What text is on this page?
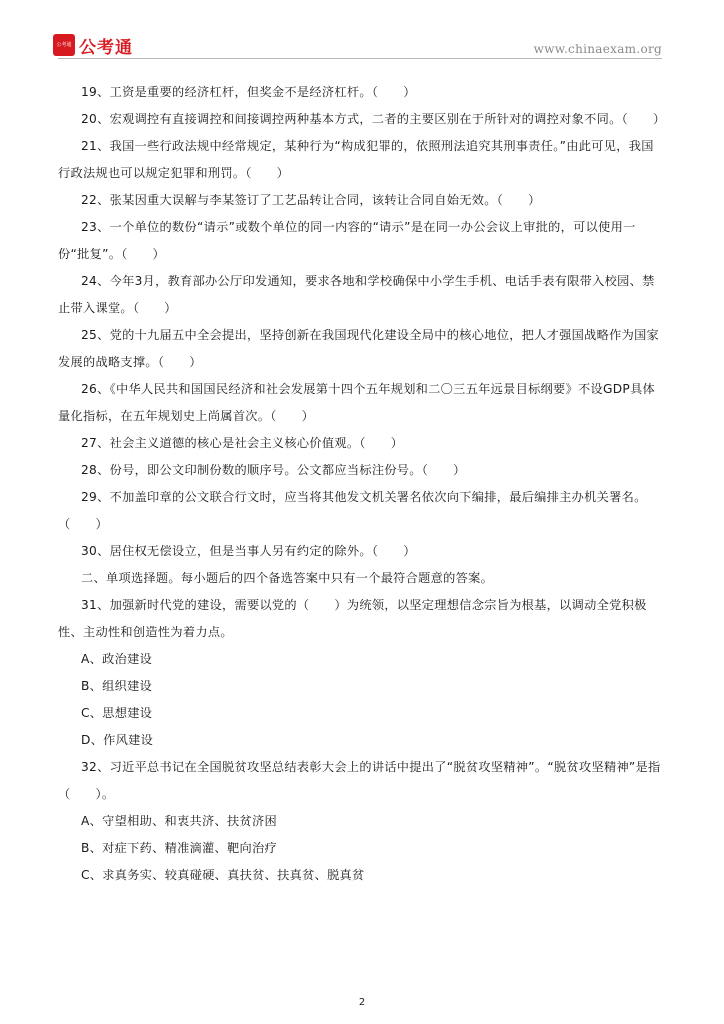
公考通 公考通	www.chinaexam.org

19、工资是重要的经济杠杆，但奖金不是经济杠杆。（　　）

20、宏观调控有直接调控和间接调控两种基本方式，二者的主要区别在于所针对的调控对象不同。（　　）

21、我国一些行政法规中经常规定，某种行为“构成犯罪的，依照刑法追究其刑事责任。”由此可见，我国行政法规也可以规定犯罪和刑罚。（　　）

22、张某因重大误解与李某签订了工艺品转让合同，该转让合同自始无效。（　　）

23、一个单位的数份“请示”或数个单位的同一内容的“请示”是在同一办公会议上审批的，可以使用一份“批复”。（　　）

24、今年3月，教育部办公厅印发通知，要求各地和学校确保中小学生手机、电话手表有限带入校园、禁止带入课堂。（　　）

25、党的十九届五中全会提出，坚持创新在我国现代化建设全局中的核心地位，把人才强国战略作为国家发展的战略支撑。（　　）

26、《中华人民共和国国民经济和社会发展第十四个五年规划和二〇三五年远景目标纲要》不设GDP具体量化指标，在五年规划史上尚属首次。（　　）

27、社会主义道德的核心是社会主义核心价值观。（　　）

28、份号，即公文印制份数的顺序号。公文都应当标注份号。（　　）

29、不加盖印章的公文联合行文时，应当将其他发文机关署名依次向下编排，最后编排主办机关署名。（　　）

30、居住权无偿设立，但是当事人另有约定的除外。（　　）

二、单项选择题。每小题后的四个备选答案中只有一个最符合题意的答案。

31、加强新时代党的建设，需要以党的（　　）为统领，以坚定理想信念宗旨为根基，以调动全党积极性、主动性和创造性为着力点。

A、政治建设

B、组织建设

C、思想建设

D、作风建设

32、习近平总书记在全国脱贫攻坚总结表彰大会上的讲话中提出了“脱贫攻坚精神”。“脱贫攻坚精神”是指（　　）。

A、守望相助、和衷共济、扶贫济困

B、对症下药、精准滴灌、靶向治疗

C、求真务实、较真碰硬、真扶贫、扶真贫、脱真贫

2
